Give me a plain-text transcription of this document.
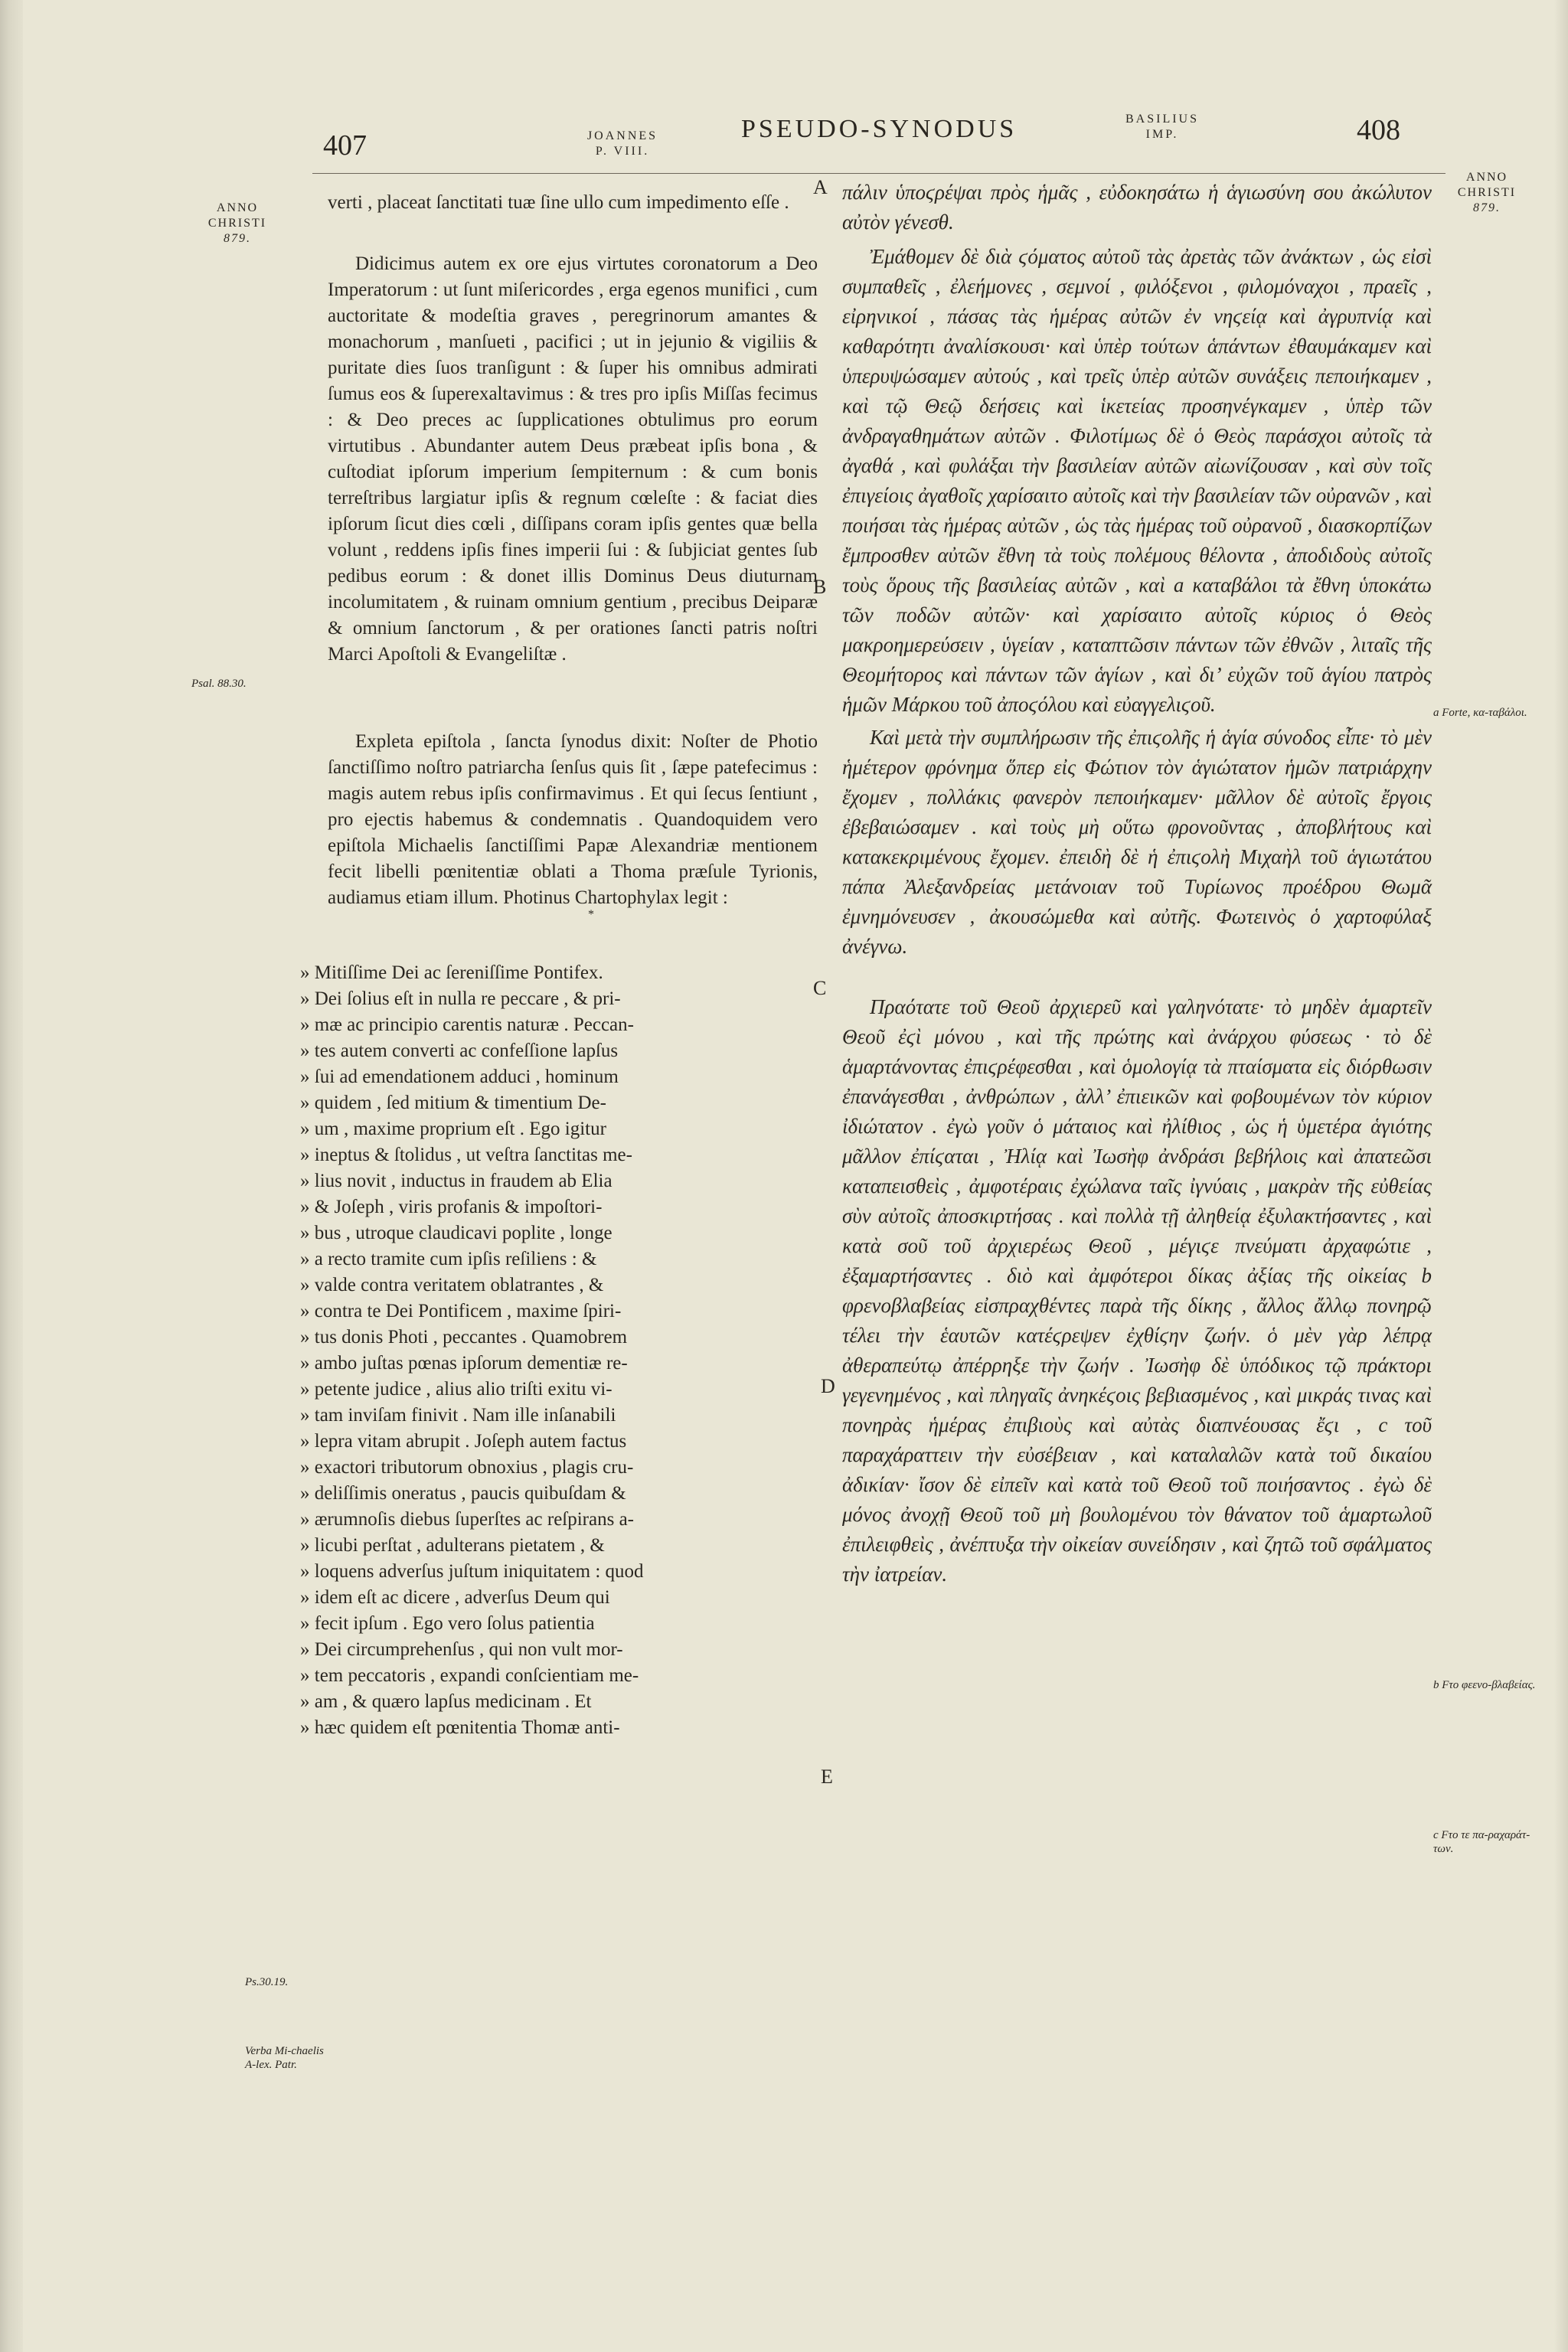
407	JOANNES
P. VIII.
PSEUDO-SYNODUS	BASILIUS
IMP.	408
ANNO
CHRISTI
879.
Psal. 88.30.
Ps.30.19.
Verba Mi-chaelis A-lex. Patr.
ANNO
CHRISTI
879.
a Forte, κα-ταβάλοι.
b Fτο φεενο-βλαβείας.
c Fτο τε πα-ραχαράτ-των.
A
B
C
D
E

verti , placeat ſanctitati tuæ ſine ullo cum impedimento eſſe .

Didicimus autem ex ore ejus virtutes coronatorum a Deo Imperatorum : ut ſunt miſericordes , erga egenos munifici , cum auctoritate & modeſtia graves , peregrinorum amantes & monachorum , manſueti , pacifici ; ut in jejunio & vigiliis & puritate dies ſuos tranſigunt : & ſuper his omnibus admirati ſumus eos & ſuperexaltavimus : & tres pro ipſis Miſſas fecimus : & Deo preces ac ſupplicationes obtulimus pro eorum virtutibus . Abundanter autem Deus præbeat ipſis bona , & cuſtodiat ipſorum imperium ſempiternum : & cum bonis terreſtribus largiatur ipſis & regnum cœleſte : & faciat dies ipſorum ſicut dies cœli , diſſipans coram ipſis gentes quæ bella volunt , reddens ipſis fines imperii ſui : & ſubjiciat gentes ſub pedibus eorum : & donet illis Dominus Deus diuturnam incolumitatem , & ruinam omnium gentium , precibus Deiparæ & omnium ſanctorum , & per orationes ſancti patris noſtri Marci Apoſtoli & Evangeliſtæ .

*

Expleta epiſtola , ſancta ſynodus dixit: Noſter de Photio ſanctiſſimo noſtro patriarcha ſenſus quis ſit , ſæpe patefecimus : magis autem rebus ipſis confirmavimus . Et qui ſecus ſentiunt , pro ejectis habemus & condemnatis . Quandoquidem vero epiſtola Michaelis ſanctiſſimi Papæ Alexandriæ mentionem fecit libelli pœnitentiæ oblati a Thoma præſule Tyrionis, audiamus etiam illum. Photinus Chartophylax legit :

» Mitiſſime Dei ac ſereniſſime Pontifex.
» Dei ſolius eſt in nulla re peccare , & pri-
» mæ ac principio carentis naturæ . Peccan-
» tes autem converti ac confeſſione lapſus
» ſui ad emendationem adduci , hominum
» quidem , ſed mitium & timentium De-
» um , maxime proprium eſt . Ego igitur
» ineptus & ſtolidus , ut veſtra ſanctitas me-
» lius novit , inductus in fraudem ab Elia
» & Joſeph , viris profanis & impoſtori-
» bus , utroque claudicavi poplite , longe
» a recto tramite cum ipſis reſiliens : &
» valde contra veritatem oblatrantes , &
» contra te Dei Pontificem , maxime ſpiri-
» tus donis Photi , peccantes . Quamobrem
» ambo juſtas pœnas ipſorum dementiæ re-
» petente judice , alius alio triſti exitu vi-
» tam inviſam finivit . Nam ille inſanabili
» lepra vitam abrupit . Joſeph autem factus
» exactori tributorum obnoxius , plagis cru-
» deliſſimis oneratus , paucis quibuſdam &
» ærumnoſis diebus ſuperſtes ac reſpirans a-
» licubi perſtat , adulterans pietatem , &
» loquens adverſus juſtum iniquitatem : quod
» idem eſt ac dicere , adverſus Deum qui
» fecit ipſum . Ego vero ſolus patientia
» Dei circumprehenſus , qui non vult mor-
» tem peccatoris , expandi conſcientiam me-
» am , & quæro lapſus medicinam . Et
» hæc quidem eſt pœnitentia Thomæ anti-

πάλιν ὑποϛρέψαι πρὸς ἡμᾶς , εὐδοκησάτω ἡ ἁγιωσύνη σου ἀκώλυτον αὐτὸν γένεσθ.

Ἐμάθομεν δὲ διὰ ϛόματος αὐτοῦ τὰς ἀρετὰς τῶν ἀνάκτων , ὡς εἰσὶ συμπαθεῖς , ἐλεήμονες , σεμνοί , φιλόξενοι , φιλομόναχοι , πραεῖς , εἰρηνικοί , πάσας τὰς ἡμέρας αὐτῶν ἐν νηϛείᾳ καὶ ἀγρυπνίᾳ καὶ καθαρότητι ἀναλίσκουσι· καὶ ὑπὲρ τούτων ἁπάντων ἐθαυμάκαμεν καὶ ὑπερυψώσαμεν αὐτούς , καὶ τρεῖς ὑπὲρ αὐτῶν συνάξεις πεποιήκαμεν , καὶ τῷ Θεῷ δεήσεις καὶ ἱκετείας προσηνέγκαμεν , ὑπὲρ τῶν ἀνδραγαθημάτων αὐτῶν . Φιλοτίμως δὲ ὁ Θεὸς παράσχοι αὐτοῖς τὰ ἀγαθά , καὶ φυλάξαι τὴν βασιλείαν αὐτῶν αἰωνίζουσαν , καὶ σὺν τοῖς ἐπιγείοις ἀγαθοῖς χαρίσαιτο αὐτοῖς καὶ τὴν βασιλείαν τῶν οὐρανῶν , καὶ ποιήσαι τὰς ἡμέρας αὐτῶν , ὡς τὰς ἡμέρας τοῦ οὐρανοῦ , διασκορπίζων ἔμπροσθεν αὐτῶν ἔθνη τὰ τοὺς πολέμους θέλοντα , ἀποδιδοὺς αὐτοῖς τοὺς ὅρους τῆς βασιλείας αὐτῶν , καὶ a καταβάλοι τὰ ἔθνη ὑποκάτω τῶν ποδῶν αὐτῶν· καὶ χαρίσαιτο αὐτοῖς κύριος ὁ Θεὸς μακροημερεύσειν , ὑγείαν , καταπτῶσιν πάντων τῶν ἐθνῶν , λιταῖς τῆς Θεομήτορος καὶ πάντων τῶν ἁγίων , καὶ δι’ εὐχῶν τοῦ ἁγίου πατρὸς ἡμῶν Μάρκου τοῦ ἀποϛόλου καὶ εὐαγγελιϛοῦ.

Καὶ μετὰ τὴν συμπλήρωσιν τῆς ἐπιϛολῆς ἡ ἁγία σύνοδος εἶπε· τὸ μὲν ἡμέτερον φρόνημα ὅπερ εἰς Φώτιον τὸν ἁγιώτατον ἡμῶν πατριάρχην ἔχομεν , πολλάκις φανερὸν πεποιήκαμεν· μᾶλλον δὲ αὐτοῖς ἔργοις ἐβεβαιώσαμεν . καὶ τοὺς μὴ οὕτω φρονοῦντας , ἀποβλήτους καὶ κατακεκριμένους ἔχομεν. ἐπειδὴ δὲ ἡ ἐπιϛολὴ Μιχαὴλ τοῦ ἁγιωτάτου πάπα Ἀλεξανδρείας μετάνοιαν τοῦ Τυρίωνος προέδρου Θωμᾶ ἐμνημόνευσεν , ἀκουσώμεθα καὶ αὐτῆς. Φωτεινὸς ὁ χαρτοφύλαξ ἀνέγνω.

Πραότατε τοῦ Θεοῦ ἀρχιερεῦ καὶ γαληνότατε· τὸ μηδὲν ἁμαρτεῖν Θεοῦ ἐϛὶ μόνου , καὶ τῆς πρώτης καὶ ἀνάρχου φύσεως · τὸ δὲ ἁμαρτάνοντας ἐπιϛρέφεσθαι , καὶ ὁμολογίᾳ τὰ πταίσματα εἰς διόρθωσιν ἐπανάγεσθαι , ἀνθρώπων , ἀλλ’ ἐπιεικῶν καὶ φοβουμένων τὸν κύριον ἰδιώτατον . ἐγὼ γοῦν ὁ μάταιος καὶ ἠλίθιος , ὡς ἡ ὑμετέρα ἁγιότης μᾶλλον ἐπίϛαται , Ἠλίᾳ καὶ Ἰωσὴφ ἀνδράσι βεβήλοις καὶ ἀπατεῶσι καταπεισθεὶς , ἀμφοτέραις ἐχώλανα ταῖς ἰγνύαις , μακρὰν τῆς εὐθείας σὺν αὐτοῖς ἀποσκιρτήσας . καὶ πολλὰ τῇ ἀληθείᾳ ἐξυλακτήσαντες , καὶ κατὰ σοῦ τοῦ ἀρχιερέως Θεοῦ , μέγιϛε πνεύματι ἀρχαφώτιε , ἐξαμαρτήσαντες . διὸ καὶ ἀμφότεροι δίκας ἀξίας τῆς οἰκείας b φρενοβλαβείας εἰσπραχθέντες παρὰ τῆς δίκης , ἄλλος ἄλλῳ πονηρῷ τέλει τὴν ἑαυτῶν κατέϛρεψεν ἐχθίϛην ζωήν. ὁ μὲν γὰρ λέπρᾳ ἀθεραπεύτῳ ἀπέρρηξε τὴν ζωήν . Ἰωσὴφ δὲ ὑπόδικος τῷ πράκτορι γεγενημένος , καὶ πληγαῖς ἀνηκέϛοις βεβιασμένος , καὶ μικράς τινας καὶ πονηρὰς ἡμέρας ἐπιβιοὺς καὶ αὐτὰς διαπνέουσας ἔϛι , c τοῦ παραχάραττειν τὴν εὐσέβειαν , καὶ καταλαλῶν κατὰ τοῦ δικαίου ἀδικίαν· ἴσον δὲ εἰπεῖν καὶ κατὰ τοῦ Θεοῦ τοῦ ποιήσαντος . ἐγὼ δὲ μόνος ἀνοχῇ Θεοῦ τοῦ μὴ βουλομένου τὸν θάνατον τοῦ ἁμαρτωλοῦ ἐπιλειφθεὶς , ἀνέπτυξα τὴν οἰκείαν συνείδησιν , καὶ ζητῶ τοῦ σφάλματος τὴν ἰατρείαν.
